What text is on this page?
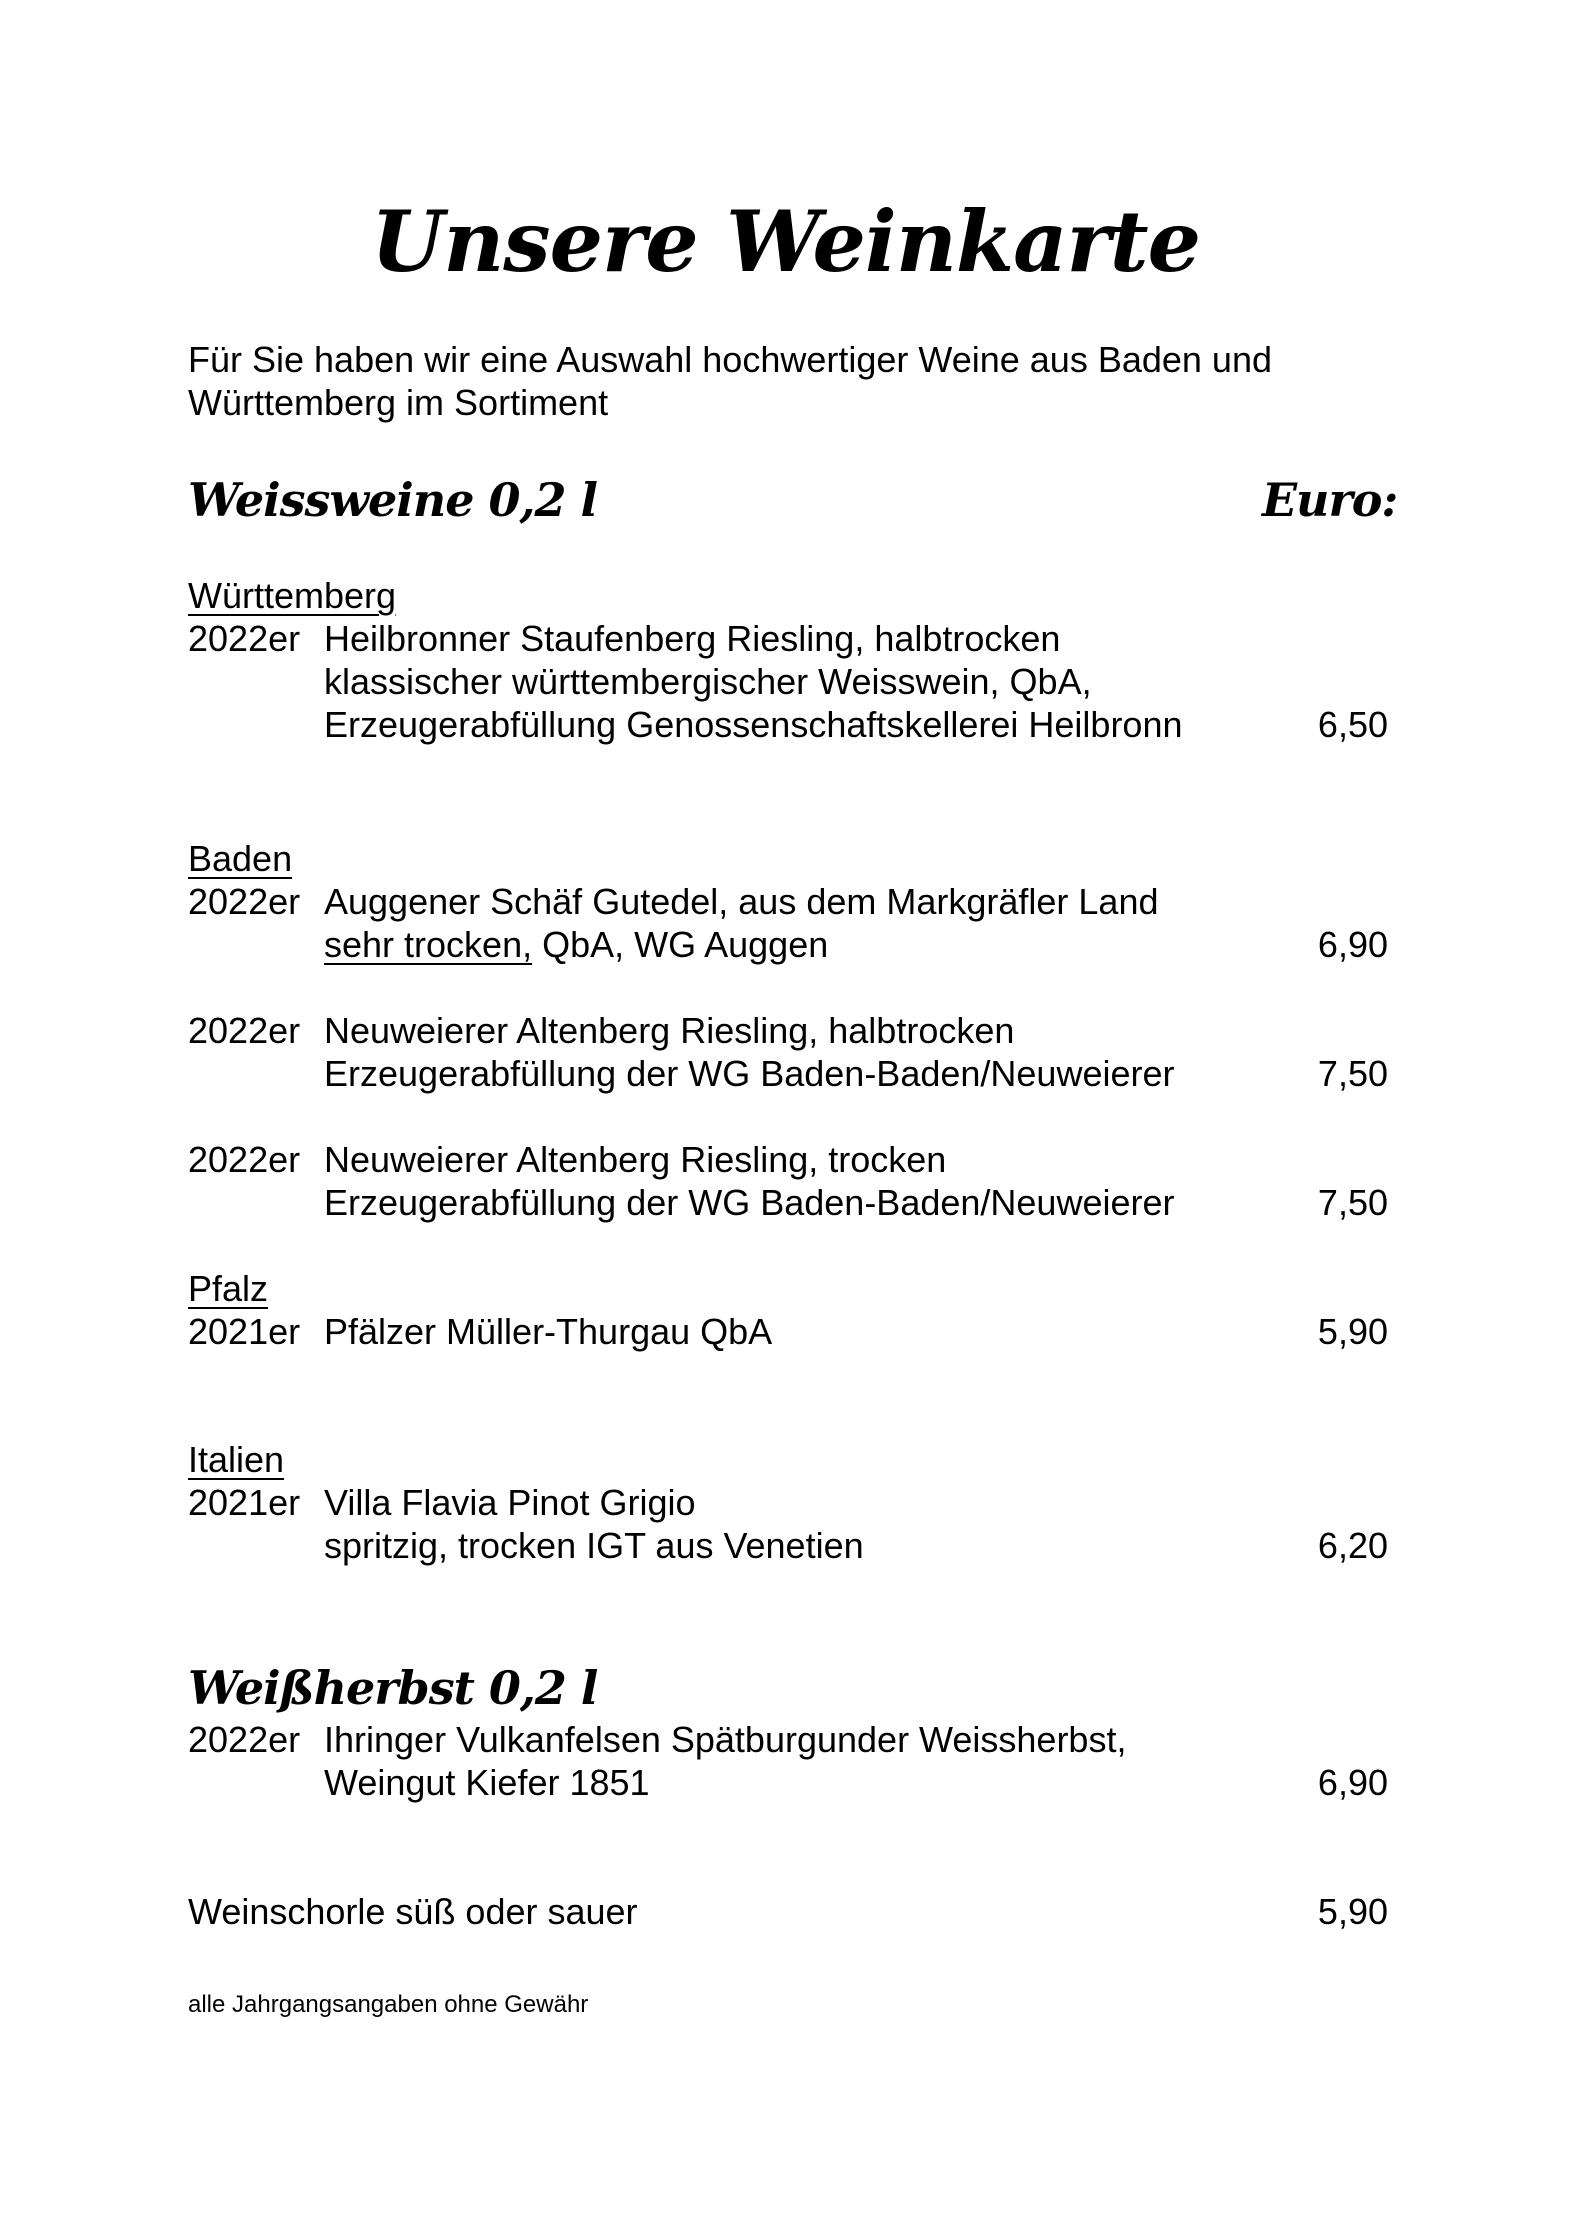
Unsere Weinkarte
Für Sie haben wir eine Auswahl hochwertiger Weine aus Baden und
Württemberg im Sortiment
Weissweine 0,2 l	Euro:
Württemberg
2022er Heilbronner Staufenberg Riesling, halbtrocken
klassischer württembergischer Weisswein, QbA,
Erzeugerabfüllung Genossenschaftskellerei Heilbronn	6,50
Baden
2022er Auggener Schäf Gutedel, aus dem Markgräfler Land
sehr trocken, QbA, WG Auggen	6,90
2022er Neuweierer Altenberg Riesling, halbtrocken
Erzeugerabfüllung der WG Baden-Baden/Neuweierer	7,50
2022er Neuweierer Altenberg Riesling, trocken
Erzeugerabfüllung der WG Baden-Baden/Neuweierer	7,50
Pfalz
2021er Pfälzer Müller-Thurgau QbA	5,90
Italien
2021er Villa Flavia Pinot Grigio
spritzig, trocken IGT aus Venetien	6,20
Weißherbst 0,2 l
2022er Ihringer Vulkanfelsen Spätburgunder Weissherbst,
Weingut Kiefer 1851	6,90
Weinschorle süß oder sauer	5,90
alle Jahrgangsangaben ohne Gewähr
